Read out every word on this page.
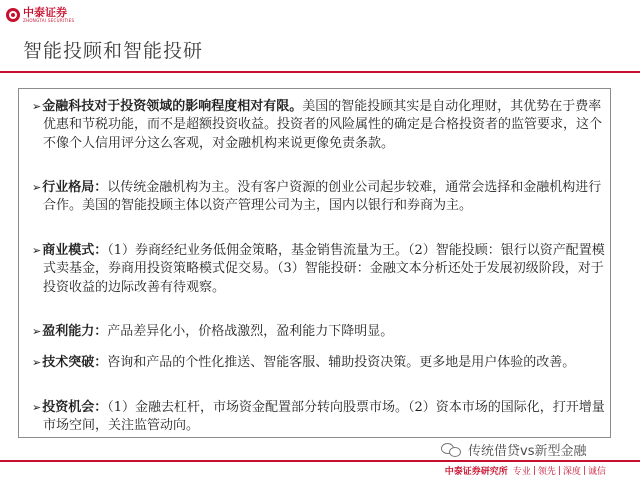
中泰证券
ZHONGTAI SECURITIES
智能投顾和智能投研
➢金融科技对于投资领域的影响程度相对有限。美国的智能投顾其实是自动化理财，其优势在于费率优惠和节税功能，而不是超额投资收益。投资者的风险属性的确定是合格投资者的监管要求，这个不像个人信用评分这么客观，对金融机构来说更像免责条款。
➢行业格局：以传统金融机构为主。没有客户资源的创业公司起步较难，通常会选择和金融机构进行合作。美国的智能投顾主体以资产管理公司为主，国内以银行和券商为主。
➢商业模式：（1）券商经纪业务低佣金策略，基金销售流量为王。（2）智能投顾：银行以资产配置模式卖基金，券商用投资策略模式促交易。（3）智能投研：金融文本分析还处于发展初级阶段，对于投资收益的边际改善有待观察。
➢盈利能力：产品差异化小，价格战激烈，盈利能力下降明显。
➢技术突破：咨询和产品的个性化推送、智能客服、辅助投资决策。更多地是用户体验的改善。
➢投资机会：（1）金融去杠杆，市场资金配置部分转向股票市场。（2）资本市场的国际化，打开增量市场空间，关注监管动向。
传统借贷vs新型金融
中泰证券研究所 专业 | 领先 | 深度 | 诚信
